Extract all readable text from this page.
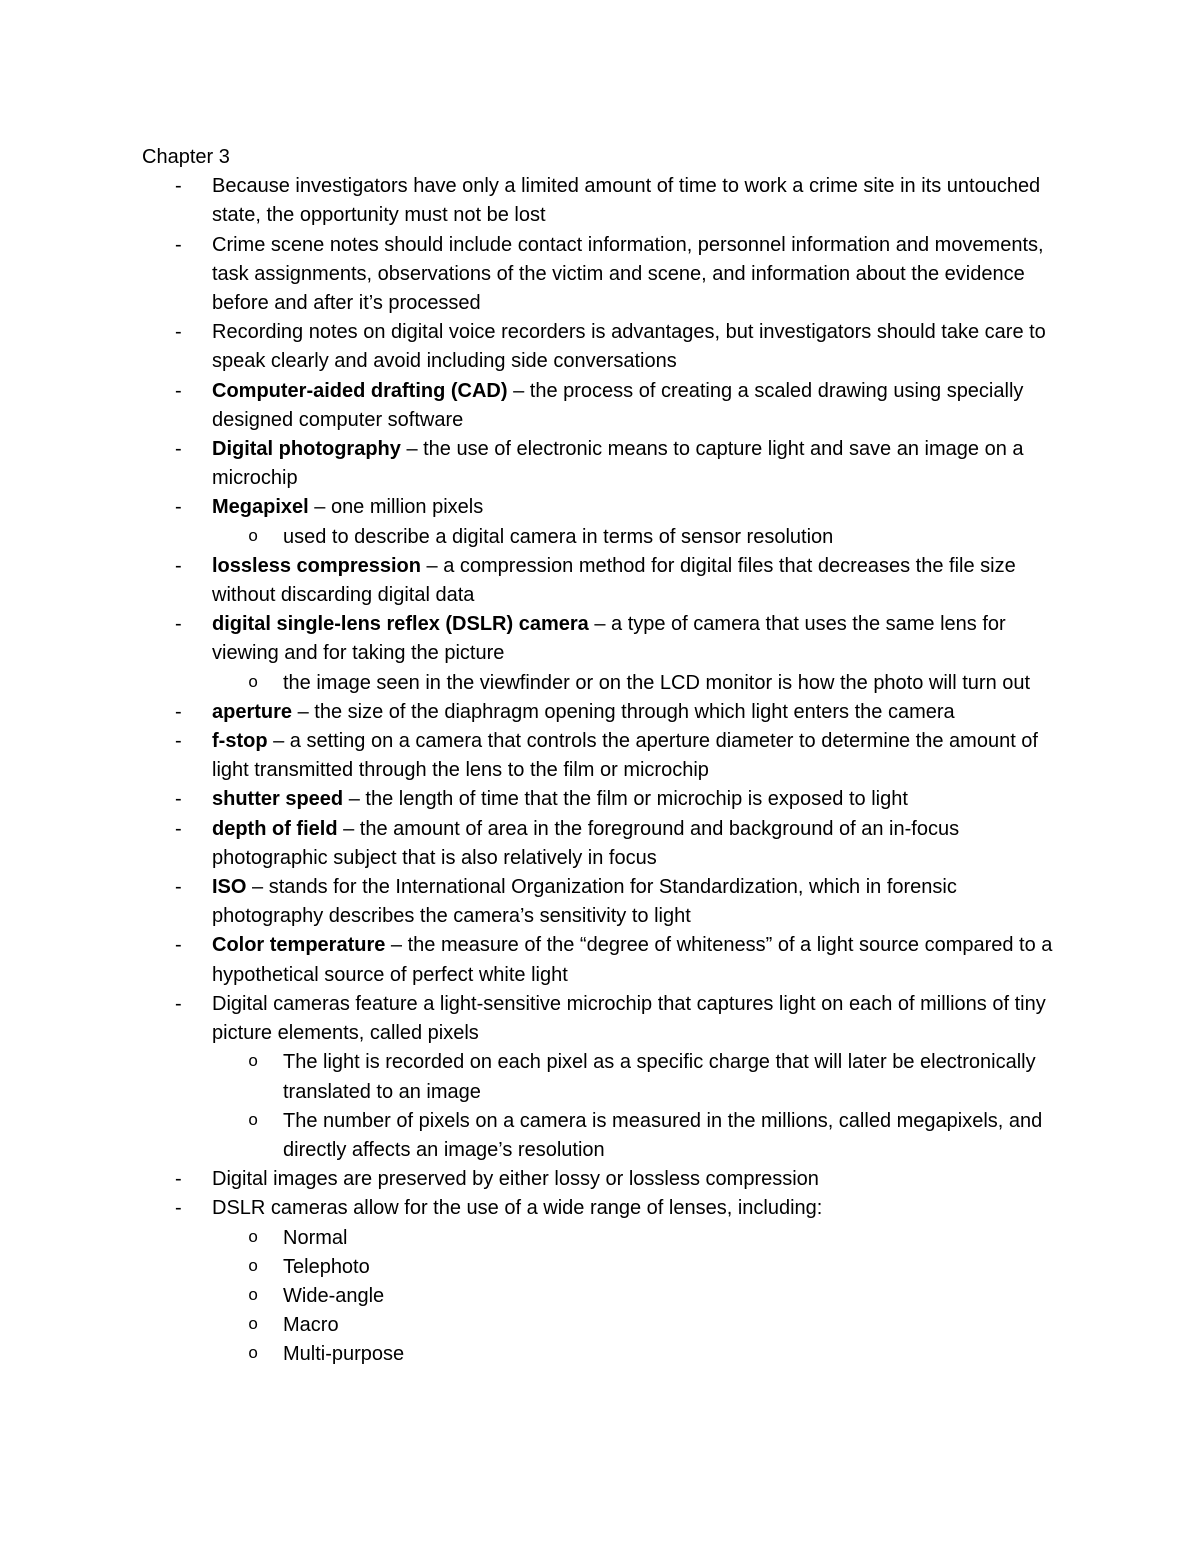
Chapter 3

- Because investigators have only a limited amount of time to work a crime site in its untouched state, the opportunity must not be lost
- Crime scene notes should include contact information, personnel information and movements, task assignments, observations of the victim and scene, and information about the evidence before and after it’s processed
- Recording notes on digital voice recorders is advantages, but investigators should take care to speak clearly and avoid including side conversations
- Computer-aided drafting (CAD) – the process of creating a scaled drawing using specially designed computer software
- Digital photography – the use of electronic means to capture light and save an image on a microchip
- Megapixel – one million pixels
o used to describe a digital camera in terms of sensor resolution
- lossless compression – a compression method for digital files that decreases the file size without discarding digital data
- digital single-lens reflex (DSLR) camera – a type of camera that uses the same lens for viewing and for taking the picture
o the image seen in the viewfinder or on the LCD monitor is how the photo will turn out
- aperture – the size of the diaphragm opening through which light enters the camera
- f-stop – a setting on a camera that controls the aperture diameter to determine the amount of light transmitted through the lens to the film or microchip
- shutter speed – the length of time that the film or microchip is exposed to light
- depth of field – the amount of area in the foreground and background of an in-focus photographic subject that is also relatively in focus
- ISO – stands for the International Organization for Standardization, which in forensic photography describes the camera’s sensitivity to light
- Color temperature – the measure of the “degree of whiteness” of a light source compared to a hypothetical source of perfect white light
- Digital cameras feature a light-sensitive microchip that captures light on each of millions of tiny picture elements, called pixels
o The light is recorded on each pixel as a specific charge that will later be electronically translated to an image
o The number of pixels on a camera is measured in the millions, called megapixels, and directly affects an image’s resolution
- Digital images are preserved by either lossy or lossless compression
- DSLR cameras allow for the use of a wide range of lenses, including:
o Normal
o Telephoto
o Wide-angle
o Macro
o Multi-purpose
